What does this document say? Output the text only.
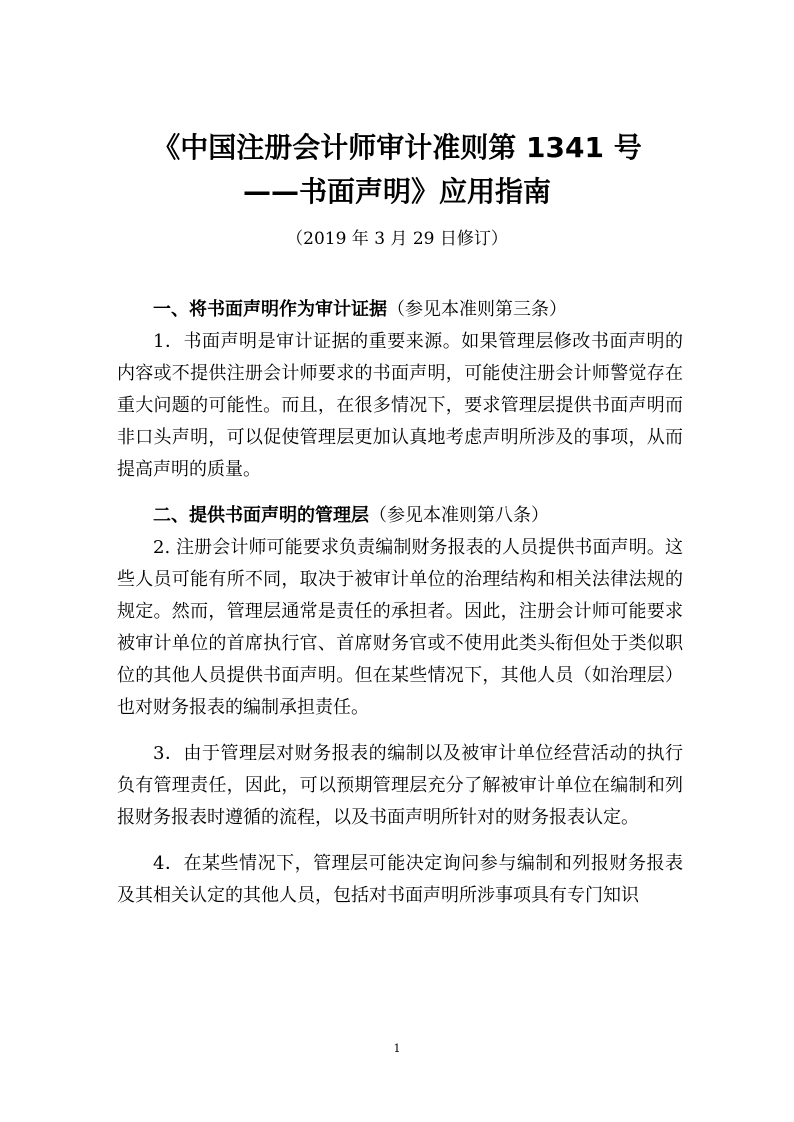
《中国注册会计师审计准则第 1341 号
——书面声明》应用指南
（2019 年 3 月 29 日修订）

一、将书面声明作为审计证据（参见本准则第三条）

1．书面声明是审计证据的重要来源。如果管理层修改书面声明的内容或不提供注册会计师要求的书面声明，可能使注册会计师警觉存在重大问题的可能性。而且，在很多情况下，要求管理层提供书面声明而非口头声明，可以促使管理层更加认真地考虑声明所涉及的事项，从而提高声明的质量。

二、提供书面声明的管理层（参见本准则第八条）

2. 注册会计师可能要求负责编制财务报表的人员提供书面声明。这些人员可能有所不同，取决于被审计单位的治理结构和相关法律法规的规定。然而，管理层通常是责任的承担者。因此，注册会计师可能要求被审计单位的首席执行官、首席财务官或不使用此类头衔但处于类似职位的其他人员提供书面声明。但在某些情况下，其他人员（如治理层）也对财务报表的编制承担责任。

3．由于管理层对财务报表的编制以及被审计单位经营活动的执行负有管理责任，因此，可以预期管理层充分了解被审计单位在编制和列报财务报表时遵循的流程，以及书面声明所针对的财务报表认定。

4．在某些情况下，管理层可能决定询问参与编制和列报财务报表及其相关认定的其他人员，包括对书面声明所涉事项具有专门知识

1
